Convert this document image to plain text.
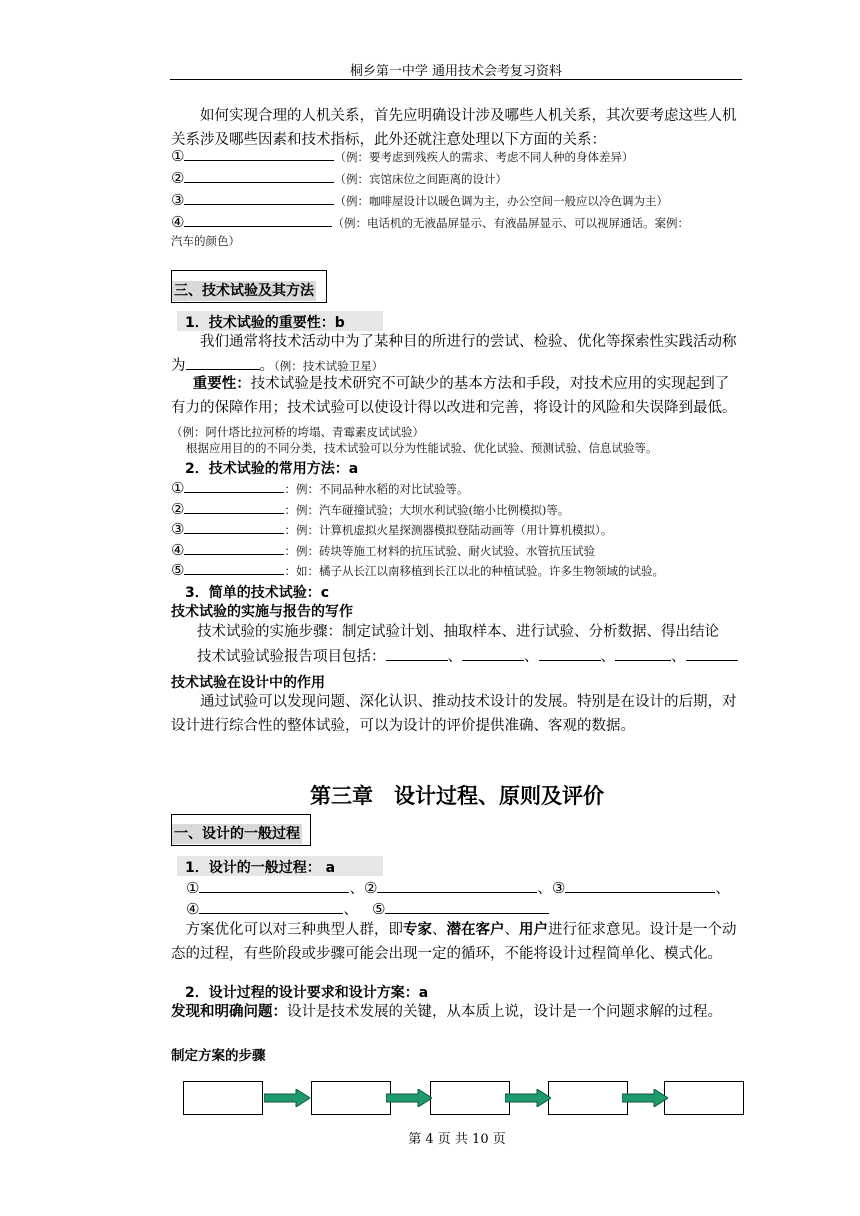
桐乡第一中学 通用技术会考复习资料
如何实现合理的人机关系，首先应明确设计涉及哪些人机关系，其次要考虑这些人机关系涉及哪些因素和技术指标，此外还就注意处理以下方面的关系：
①	（例：要考虑到残疾人的需求、考虑不同人种的身体差异）
②	（例：宾馆床位之间距离的设计）
③	（例：咖啡屋设计以暖色调为主，办公空间一般应以冷色调为主）
④	（例：电话机的无液晶屏显示、有液晶屏显示、可以视屏通话。案例：
汽车的颜色）
三、技术试验及其方法
1．技术试验的重要性：b
我们通常将技术活动中为了某种目的所进行的尝试、检验、优化等探索性实践活动称为	。（例：技术试验卫星）
重要性：技术试验是技术研究不可缺少的基本方法和手段，对技术应用的实现起到了有力的保障作用；技术试验可以使设计得以改进和完善，将设计的风险和失误降到最低。（例：阿什塔比拉河桥的垮塌、青霉素皮试试验）
根据应用目的的不同分类，技术试验可以分为性能试验、优化试验、预测试验、信息试验等。
2．技术试验的常用方法：a
①	：例：不同品种水稻的对比试验等。
②	：例：汽车碰撞试验；大坝水利试验(缩小比例模拟)等。
③	：例：计算机虚拟火星探测器模拟登陆动画等（用计算机模拟）。
④	：例：砖块等施工材料的抗压试验、耐火试验、水管抗压试验
⑤	：如：橘子从长江以南移植到长江以北的种植试验。许多生物领域的试验。
3．简单的技术试验：c
技术试验的实施与报告的写作
技术试验的实施步骤：制定试验计划、抽取样本、进行试验、分析数据、得出结论
技术试验试验报告项目包括：	、	、	、	、
技术试验在设计中的作用
通过试验可以发现问题、深化认识、推动技术设计的发展。特别是在设计的后期，对设计进行综合性的整体试验，可以为设计的评价提供准确、客观的数据。
第三章　设计过程、原则及评价
一、设计的一般过程
1．设计的一般过程： a
①	、②	、③	、
④	、 ⑤
方案优化可以对三种典型人群，即专家、潜在客户、用户进行征求意见。设计是一个动态的过程，有些阶段或步骤可能会出现一定的循环，不能将设计过程简单化、模式化。
2．设计过程的设计要求和设计方案：a
发现和明确问题：设计是技术发展的关键，从本质上说，设计是一个问题求解的过程。
制定方案的步骤
第 4 页 共 10 页
